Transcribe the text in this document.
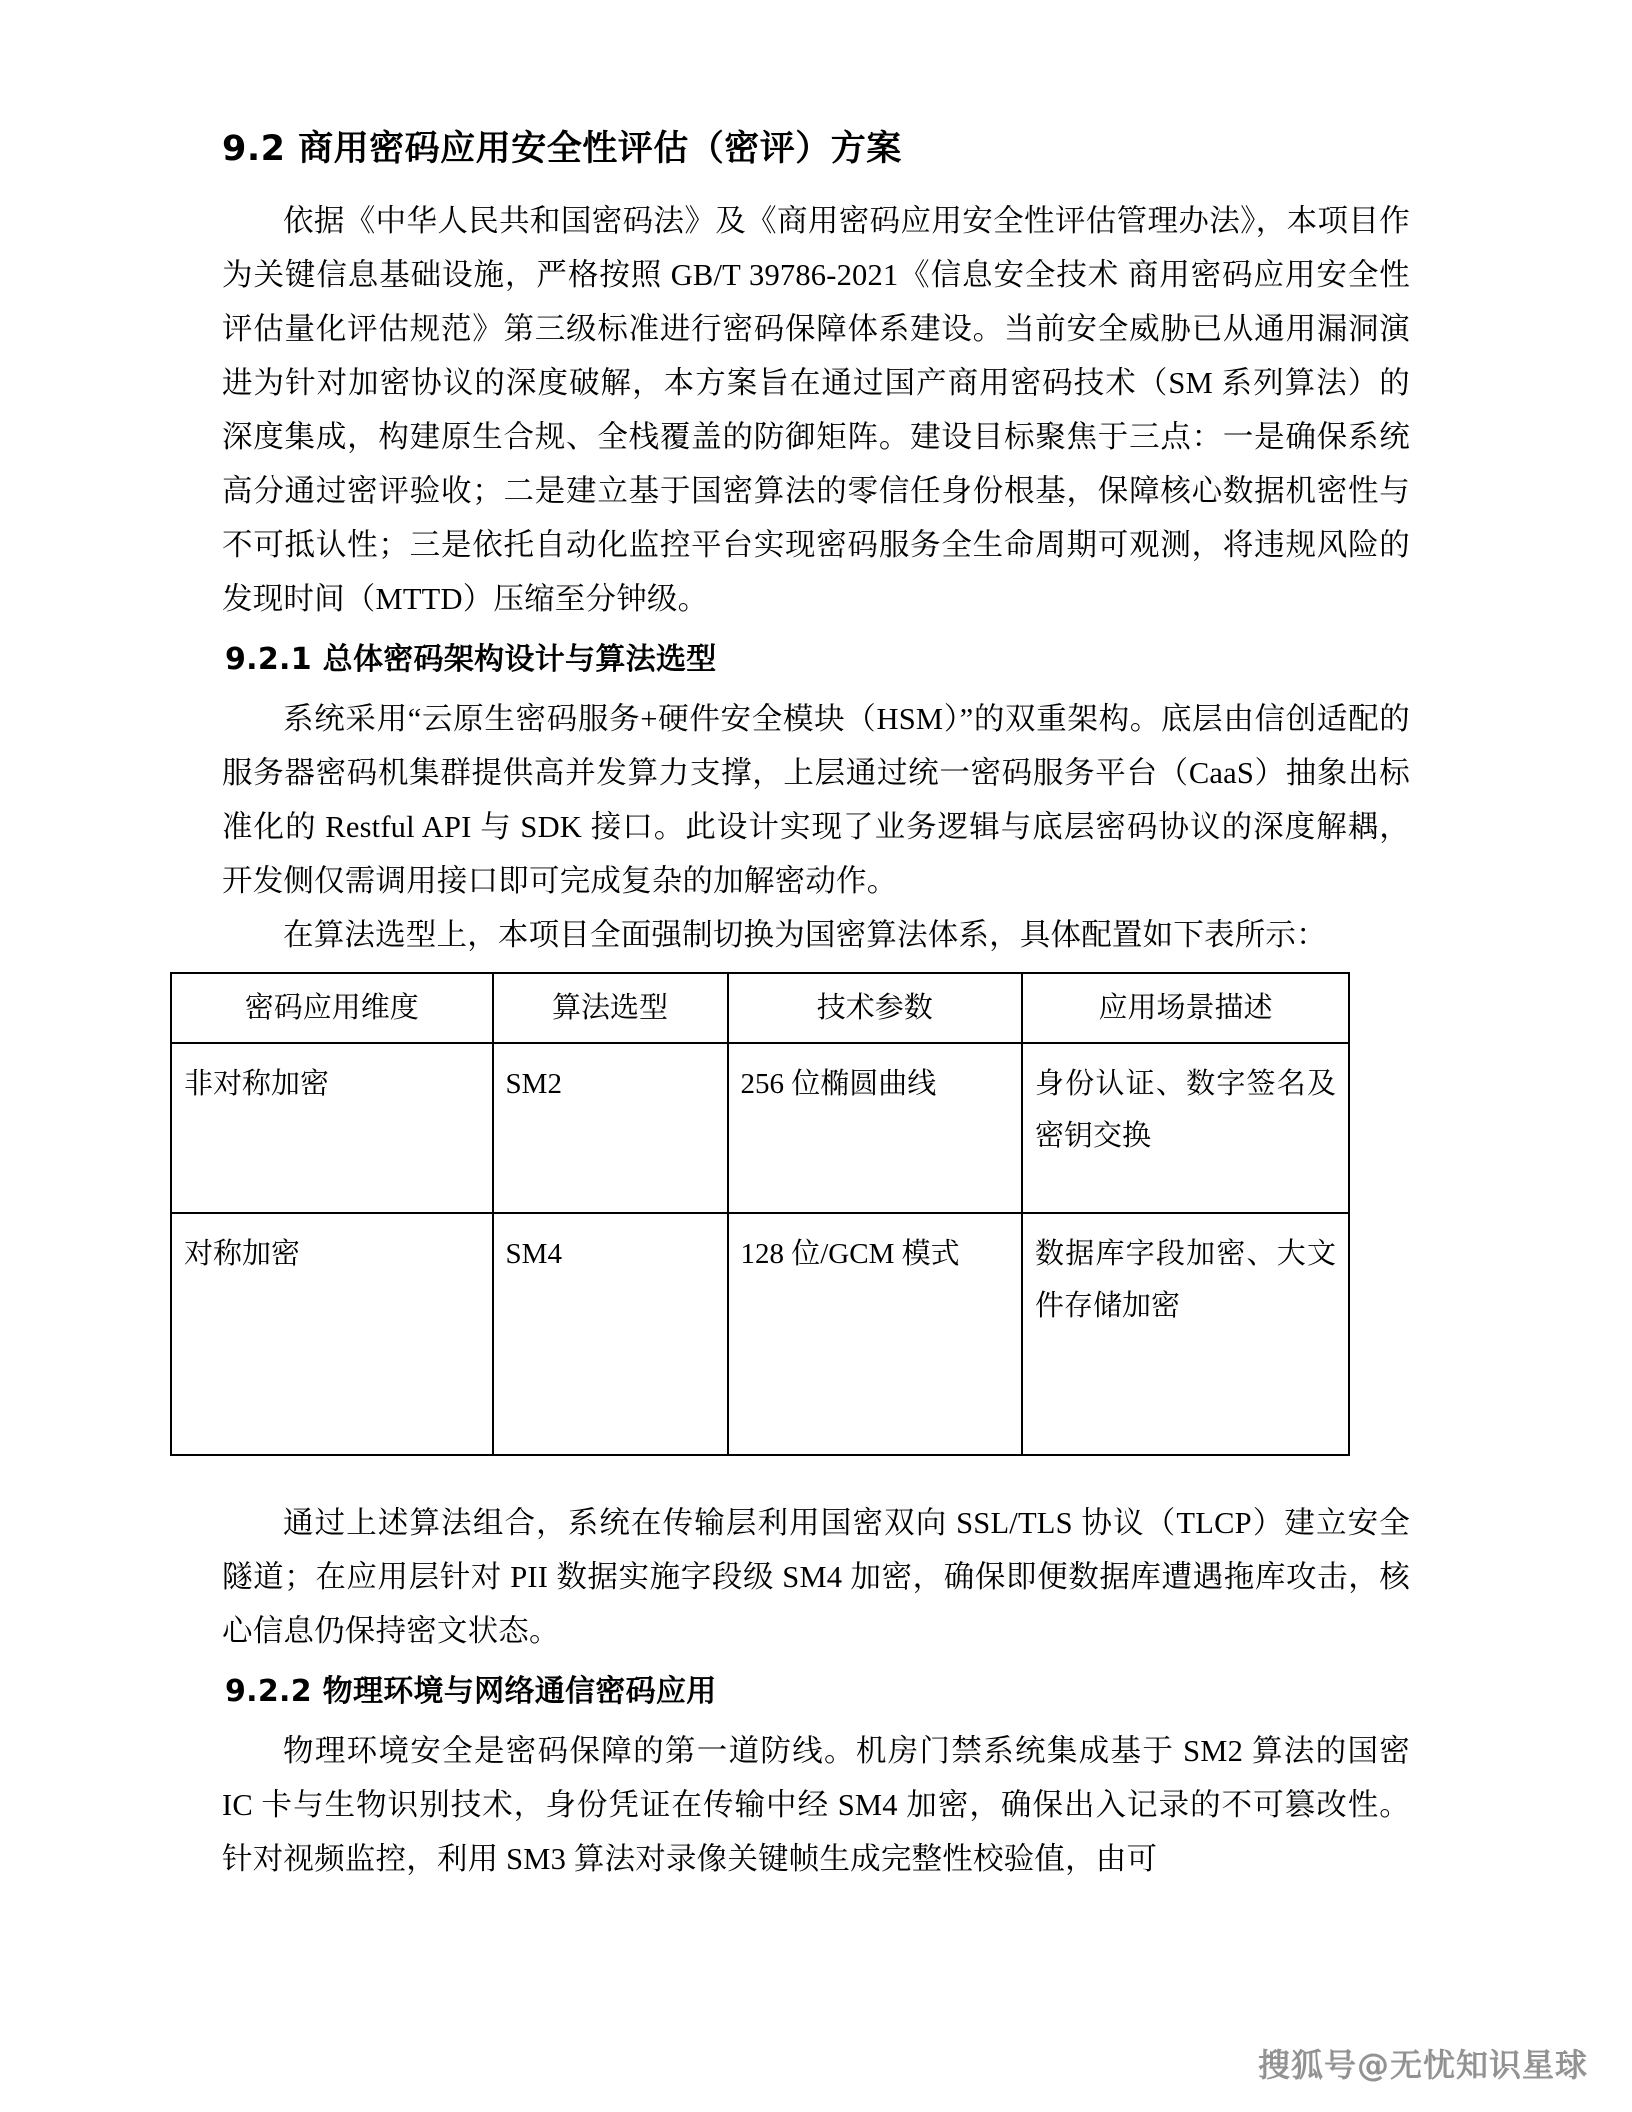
9.2 商用密码应用安全性评估（密评）方案

依据《中华人民共和国密码法》及《商用密码应用安全性评估管理办法》，本项目作为关键信息基础设施，严格按照 GB/T 39786-2021《信息安全技术 商用密码应用安全性评估量化评估规范》第三级标准进行密码保障体系建设。当前安全威胁已从通用漏洞演进为针对加密协议的深度破解，本方案旨在通过国产商用密码技术（SM 系列算法）的深度集成，构建原生合规、全栈覆盖的防御矩阵。建设目标聚焦于三点：一是确保系统高分通过密评验收；二是建立基于国密算法的零信任身份根基，保障核心数据机密性与不可抵认性；三是依托自动化监控平台实现密码服务全生命周期可观测，将违规风险的发现时间（MTTD）压缩至分钟级。

9.2.1 总体密码架构设计与算法选型

系统采用“云原生密码服务+硬件安全模块（HSM）”的双重架构。底层由信创适配的服务器密码机集群提供高并发算力支撑，上层通过统一密码服务平台（CaaS）抽象出标准化的 Restful API 与 SDK 接口。此设计实现了业务逻辑与底层密码协议的深度解耦，开发侧仅需调用接口即可完成复杂的加解密动作。

在算法选型上，本项目全面强制切换为国密算法体系，具体配置如下表所示：

密码应用维度	算法选型	技术参数	应用场景描述
非对称加密	SM2	256 位椭圆曲线	身份认证、数字签名及密钥交换
对称加密	SM4	128 位/GCM 模式	数据库字段加密、大文件存储加密

通过上述算法组合，系统在传输层利用国密双向 SSL/TLS 协议（TLCP）建立安全隧道；在应用层针对 PII 数据实施字段级 SM4 加密，确保即便数据库遭遇拖库攻击，核心信息仍保持密文状态。

9.2.2 物理环境与网络通信密码应用

物理环境安全是密码保障的第一道防线。机房门禁系统集成基于 SM2 算法的国密 IC 卡与生物识别技术，身份凭证在传输中经 SM4 加密，确保出入记录的不可篡改性。针对视频监控，利用 SM3 算法对录像关键帧生成完整性校验值，由可

搜狐号@无忧知识星球
